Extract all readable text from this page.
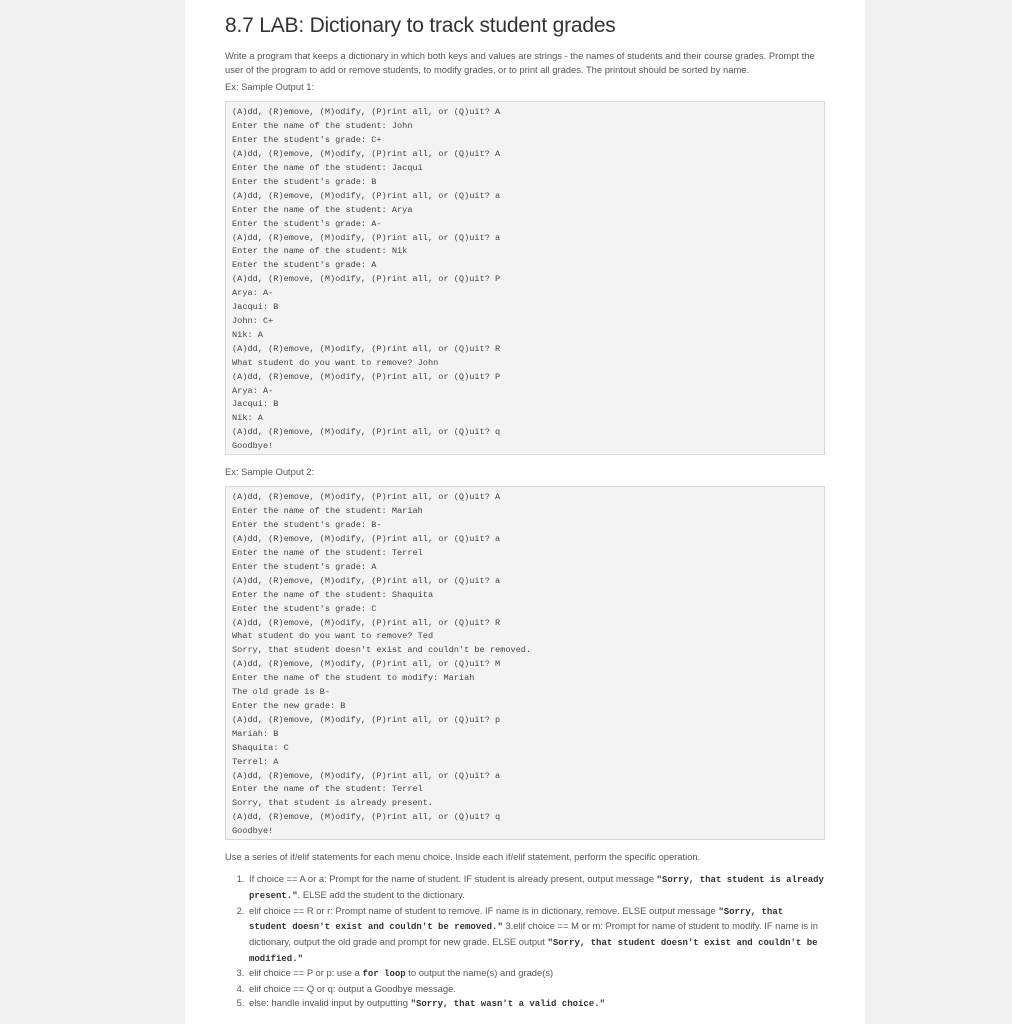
8.7 LAB: Dictionary to track student grades
Write a program that keeps a dictionary in which both keys and values are strings - the names of students and their course grades. Prompt the user of the program to add or remove students, to modify grades, or to print all grades. The printout should be sorted by name.
Ex: Sample Output 1:
(A)dd, (R)emove, (M)odify, (P)rint all, or (Q)uit? A
Enter the name of the student: John
Enter the student's grade: C+
(A)dd, (R)emove, (M)odify, (P)rint all, or (Q)uit? A
Enter the name of the student: Jacqui
Enter the student's grade: B
(A)dd, (R)emove, (M)odify, (P)rint all, or (Q)uit? a
Enter the name of the student: Arya
Enter the student's grade: A-
(A)dd, (R)emove, (M)odify, (P)rint all, or (Q)uit? a
Enter the name of the student: Nik
Enter the student's grade: A
(A)dd, (R)emove, (M)odify, (P)rint all, or (Q)uit? P
Arya: A-
Jacqui: B
John: C+
Nik: A
(A)dd, (R)emove, (M)odify, (P)rint all, or (Q)uit? R
What student do you want to remove? John
(A)dd, (R)emove, (M)odify, (P)rint all, or (Q)uit? P
Arya: A-
Jacqui: B
Nik: A
(A)dd, (R)emove, (M)odify, (P)rint all, or (Q)uit? q
Goodbye!
Ex: Sample Output 2:
(A)dd, (R)emove, (M)odify, (P)rint all, or (Q)uit? A
Enter the name of the student: Mariah
Enter the student's grade: B-
(A)dd, (R)emove, (M)odify, (P)rint all, or (Q)uit? a
Enter the name of the student: Terrel
Enter the student's grade: A
(A)dd, (R)emove, (M)odify, (P)rint all, or (Q)uit? a
Enter the name of the student: Shaquita
Enter the student's grade: C
(A)dd, (R)emove, (M)odify, (P)rint all, or (Q)uit? R
What student do you want to remove? Ted
Sorry, that student doesn't exist and couldn't be removed.
(A)dd, (R)emove, (M)odify, (P)rint all, or (Q)uit? M
Enter the name of the student to modify: Mariah
The old grade is B-
Enter the new grade: B
(A)dd, (R)emove, (M)odify, (P)rint all, or (Q)uit? p
Mariah: B
Shaquita: C
Terrel: A
(A)dd, (R)emove, (M)odify, (P)rint all, or (Q)uit? a
Enter the name of the student: Terrel
Sorry, that student is already present.
(A)dd, (R)emove, (M)odify, (P)rint all, or (Q)uit? q
Goodbye!
Use a series of if/elif statements for each menu choice. Inside each if/elif statement, perform the specific operation.
1. If choice == A or a: Prompt for the name of student. IF student is already present, output message "Sorry, that student is already present.". ELSE add the student to the dictionary.
2. elif choice == R or r: Prompt name of student to remove. IF name is in dictionary, remove. ELSE output message "Sorry, that student doesn't exist and couldn't be removed." 3.elif choice == M or m: Prompt for name of student to modify. IF name is in dictionary, output the old grade and prompt for new grade. ELSE output "Sorry, that student doesn't exist and couldn't be modified."
3. elif choice == P or p: use a for loop to output the name(s) and grade(s)
4. elif choice == Q or q: output a Goodbye message.
5. else: handle invalid input by outputting "Sorry, that wasn't a valid choice."
